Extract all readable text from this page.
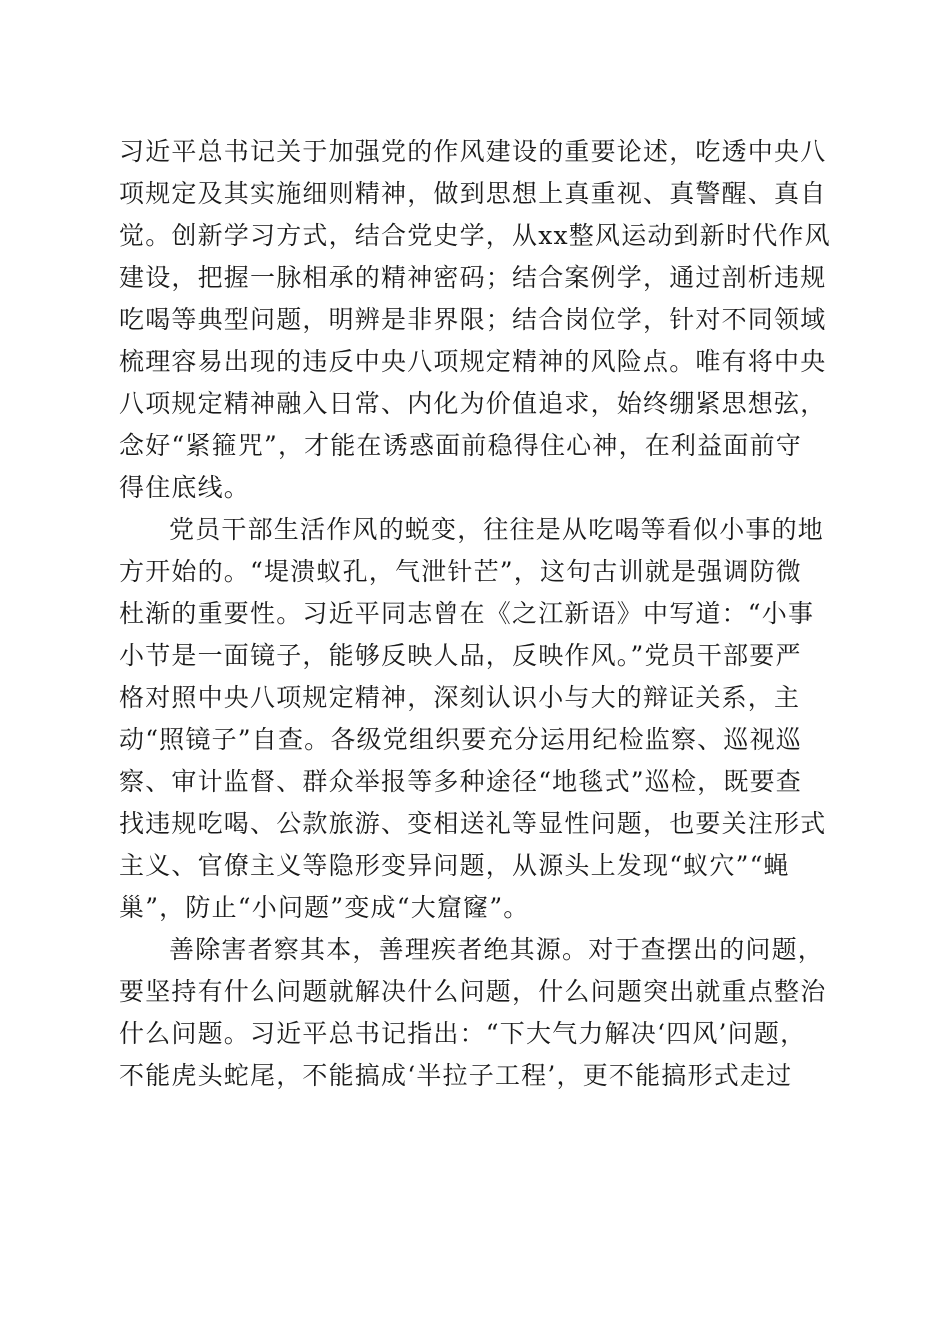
习近平总书记关于加强党的作风建设的重要论述，吃透中央八
项规定及其实施细则精神，做到思想上真重视、真警醒、真自
觉。创新学习方式，结合党史学，从xx整风运动到新时代作风
建设，把握一脉相承的精神密码；结合案例学，通过剖析违规
吃喝等典型问题，明辨是非界限；结合岗位学，针对不同领域
梳理容易出现的违反中央八项规定精神的风险点。唯有将中央
八项规定精神融入日常、内化为价值追求，始终绷紧思想弦，
念好“紧箍咒”，才能在诱惑面前稳得住心神，在利益面前守
得住底线。
党员干部生活作风的蜕变，往往是从吃喝等看似小事的地
方开始的。“堤溃蚁孔，气泄针芒”，这句古训就是强调防微
杜渐的重要性。习近平同志曾在《之江新语》中写道：“小事
小节是一面镜子，能够反映人品，反映作风。”党员干部要严
格对照中央八项规定精神，深刻认识小与大的辩证关系，主
动“照镜子”自查。各级党组织要充分运用纪检监察、巡视巡
察、审计监督、群众举报等多种途径“地毯式”巡检，既要查
找违规吃喝、公款旅游、变相送礼等显性问题，也要关注形式
主义、官僚主义等隐形变异问题，从源头上发现“蚁穴”“蝇
巢”，防止“小问题”变成“大窟窿”。
善除害者察其本，善理疾者绝其源。对于查摆出的问题，
要坚持有什么问题就解决什么问题，什么问题突出就重点整治
什么问题。习近平总书记指出：“下大气力解决‘四风’问题，
不能虎头蛇尾，不能搞成‘半拉子工程’，更不能搞形式走过
